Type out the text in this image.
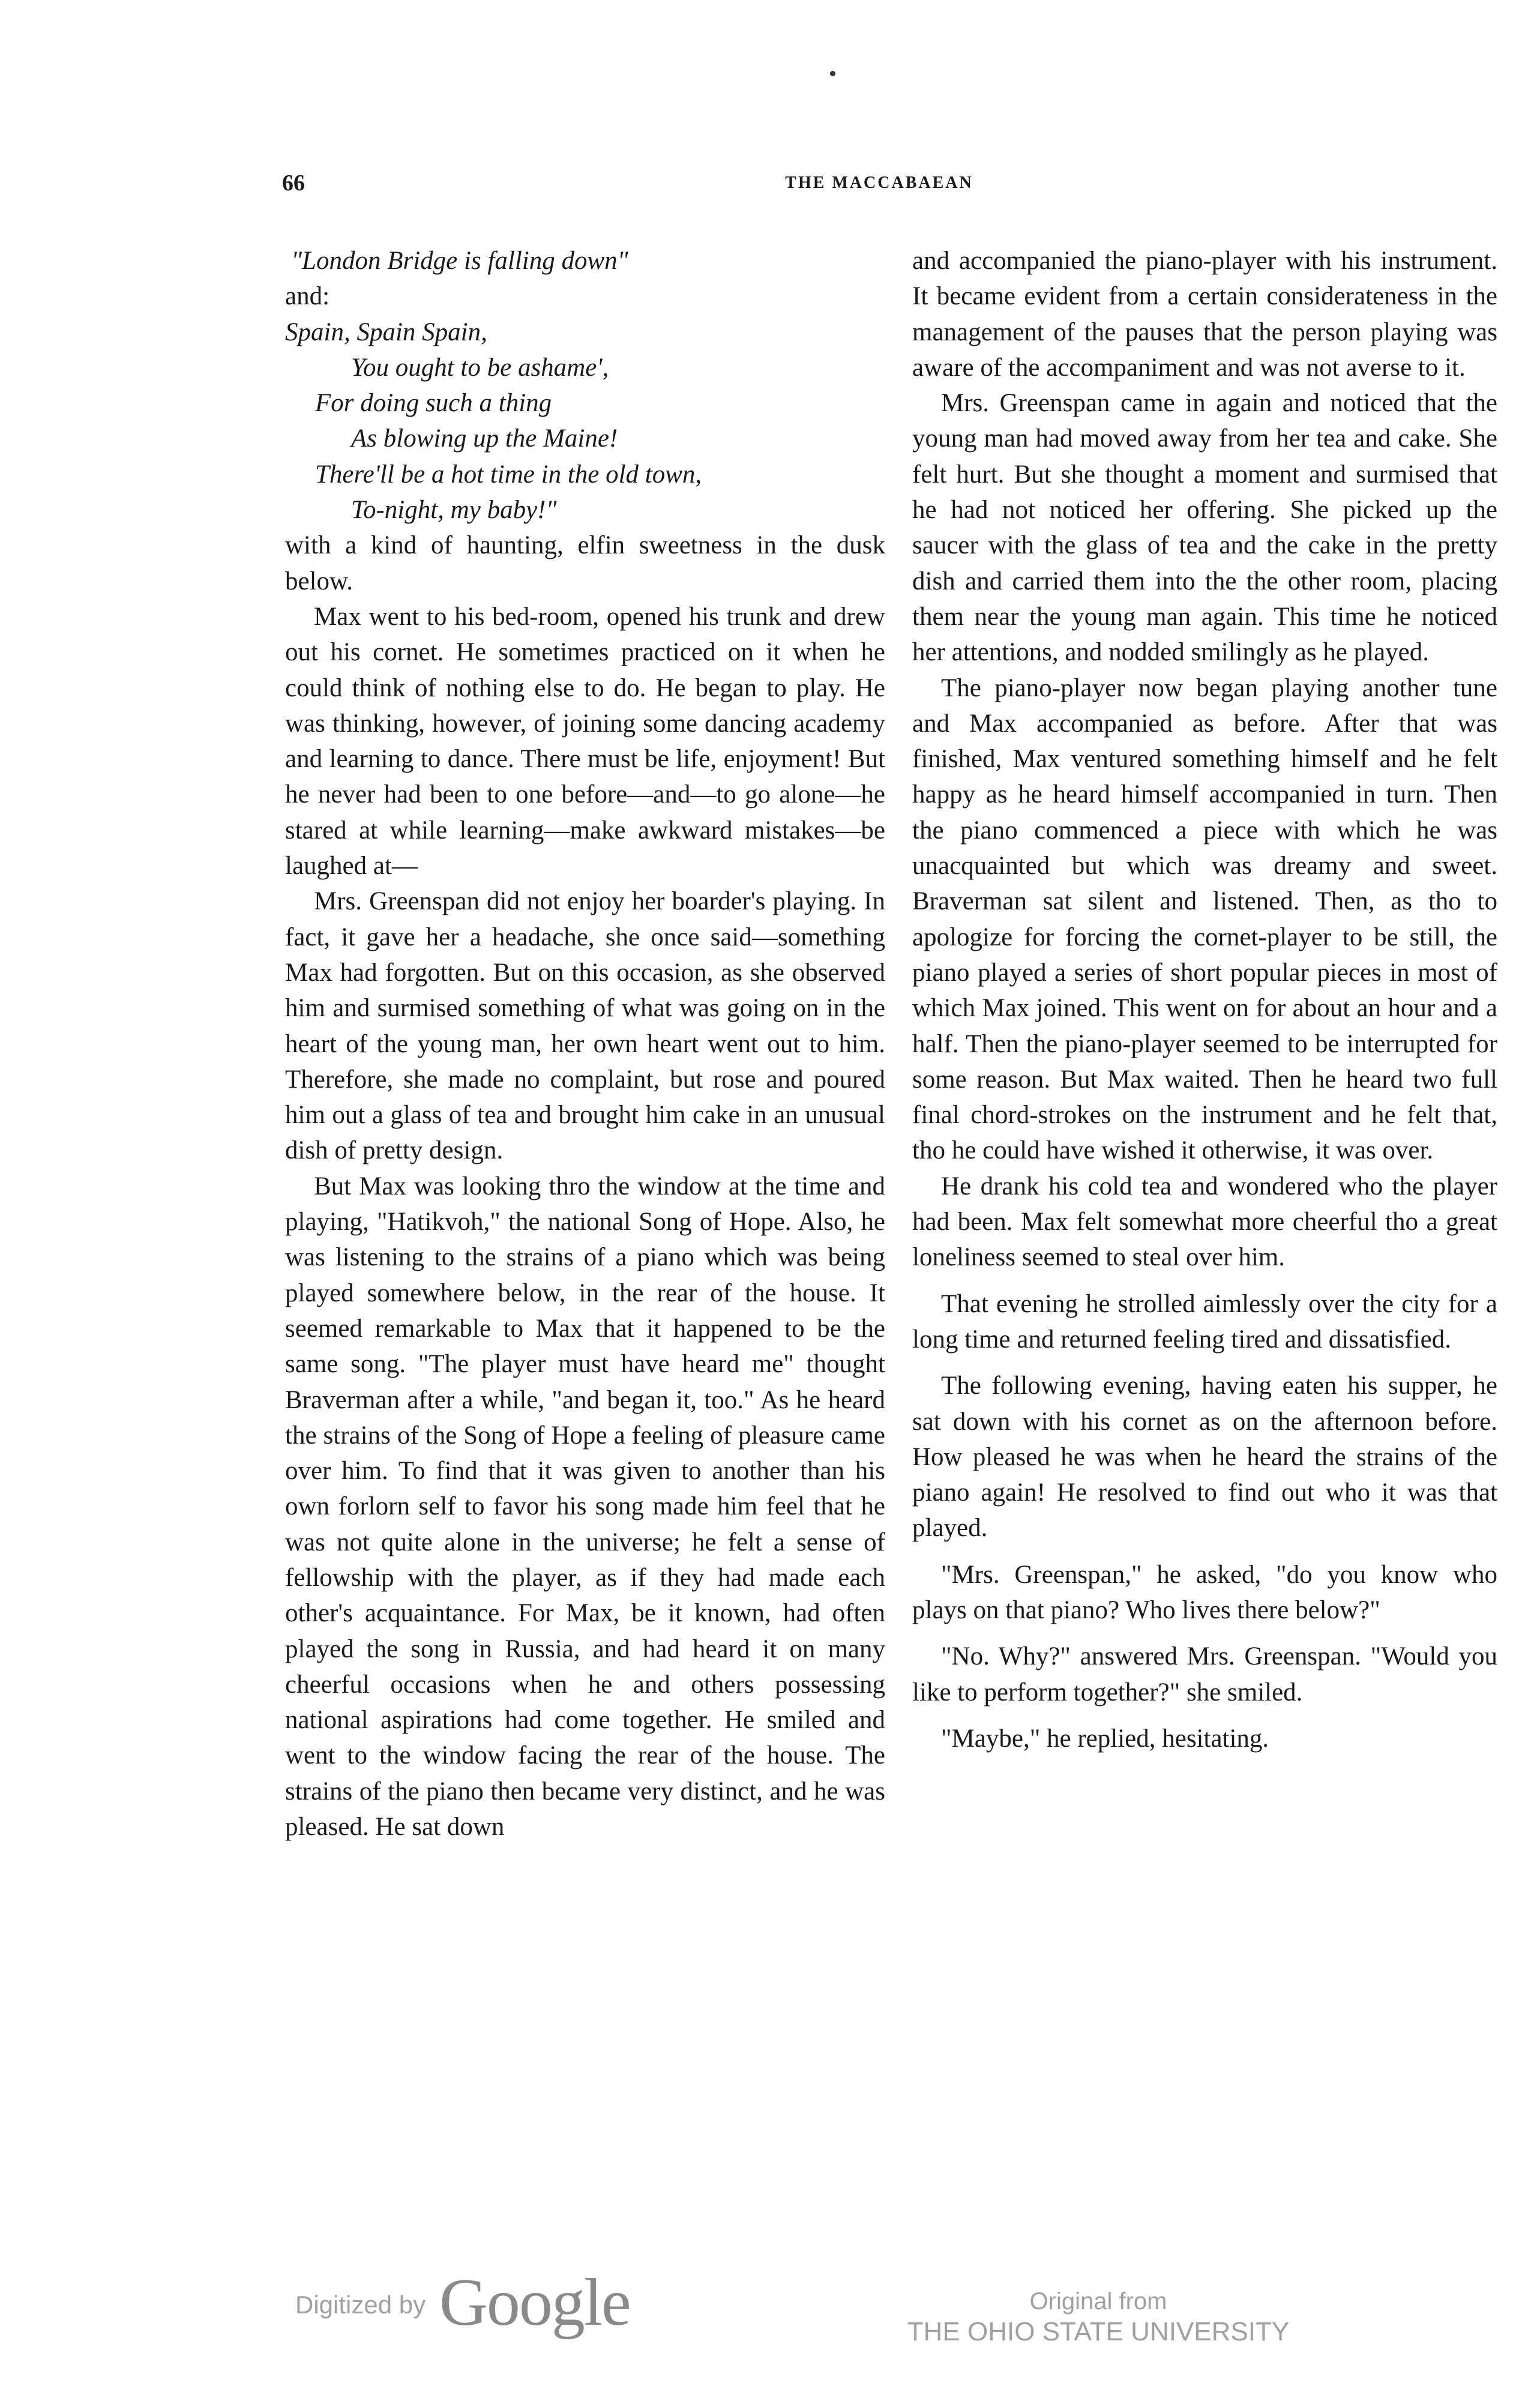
66	THE MACCABAEAN
"London Bridge is falling down"
and:
Spain, Spain Spain,
You ought to be ashame',
For doing such a thing
As blowing up the Maine!
There'll be a hot time in the old town,
To-night, my baby!"

with a kind of haunting, elfin sweetness in the dusk below.

Max went to his bed-room, opened his trunk and drew out his cornet. He sometimes practiced on it when he could think of nothing else to do. He began to play. He was thinking, however, of joining some dancing academy and learning to dance. There must be life, enjoyment! But he never had been to one before—and—to go alone—he stared at while learning—make awkward mistakes—be laughed at—

Mrs. Greenspan did not enjoy her boarder's playing. In fact, it gave her a headache, she once said—something Max had forgotten. But on this occasion, as she observed him and surmised something of what was going on in the heart of the young man, her own heart went out to him. Therefore, she made no complaint, but rose and poured him out a glass of tea and brought him cake in an unusual dish of pretty design.

But Max was looking thro the window at the time and playing, "Hatikvoh," the national Song of Hope. Also, he was listening to the strains of a piano which was being played somewhere below, in the rear of the house. It seemed remarkable to Max that it happened to be the same song. "The player must have heard me" thought Braverman after a while, "and began it, too." As he heard the strains of the Song of Hope a feeling of pleasure came over him. To find that it was given to another than his own forlorn self to favor his song made him feel that he was not quite alone in the universe; he felt a sense of fellowship with the player, as if they had made each other's acquaintance. For Max, be it known, had often played the song in Russia, and had heard it on many cheerful occasions when he and others possessing national aspirations had come together. He smiled and went to the window facing the rear of the house. The strains of the piano then became very distinct, and he was pleased. He sat down

and accompanied the piano-player with his instrument. It became evident from a certain considerateness in the management of the pauses that the person playing was aware of the accompaniment and was not averse to it.

Mrs. Greenspan came in again and noticed that the young man had moved away from her tea and cake. She felt hurt. But she thought a moment and surmised that he had not noticed her offering. She picked up the saucer with the glass of tea and the cake in the pretty dish and carried them into the the other room, placing them near the young man again. This time he noticed her attentions, and nodded smilingly as he played.

The piano-player now began playing another tune and Max accompanied as before. After that was finished, Max ventured something himself and he felt happy as he heard himself accompanied in turn. Then the piano commenced a piece with which he was unacquainted but which was dreamy and sweet. Braverman sat silent and listened. Then, as tho to apologize for forcing the cornet-player to be still, the piano played a series of short popular pieces in most of which Max joined. This went on for about an hour and a half. Then the piano-player seemed to be interrupted for some reason. But Max waited. Then he heard two full final chord-strokes on the instrument and he felt that, tho he could have wished it otherwise, it was over.

He drank his cold tea and wondered who the player had been. Max felt somewhat more cheerful tho a great loneliness seemed to steal over him.

That evening he strolled aimlessly over the city for a long time and returned feeling tired and dissatisfied.

The following evening, having eaten his supper, he sat down with his cornet as on the afternoon before. How pleased he was when he heard the strains of the piano again! He resolved to find out who it was that played.

"Mrs. Greenspan," he asked, "do you know who plays on that piano? Who lives there below?"

"No. Why?" answered Mrs. Greenspan. "Would you like to perform together?" she smiled.

"Maybe," he replied, hesitating.

Digitized by Google	Original from
THE OHIO STATE UNIVERSITY
